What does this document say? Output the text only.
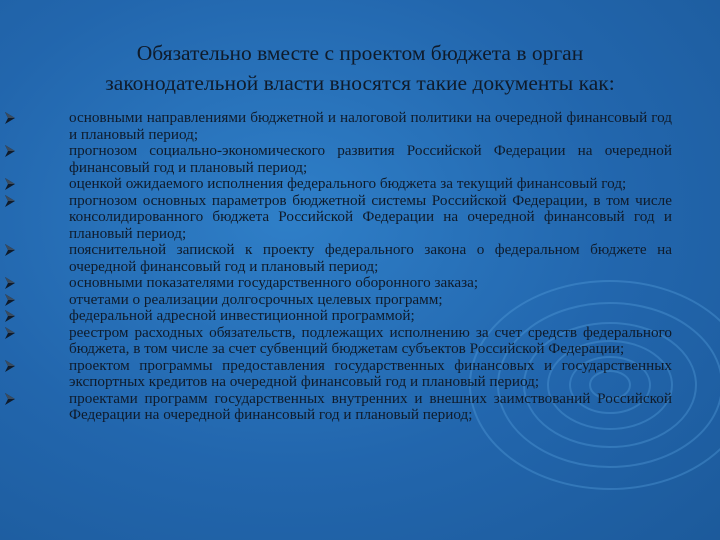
Обязательно вместе с проектом бюджета в орган
законодательной власти вносятся такие документы как:
основными направлениями бюджетной и налоговой политики на очередной финансовый год и плановый период;
прогнозом социально-экономического развития Российской Федерации на очередной финансовый год и плановый период;
оценкой ожидаемого исполнения федерального бюджета за текущий финансовый год;
прогнозом основных параметров бюджетной системы Российской Федерации, в том числе консолидированного бюджета Российской Федерации на очередной финансовый год и плановый период;
пояснительной запиской к проекту федерального закона о федеральном бюджете на очередной финансовый год и плановый период;
основными показателями государственного оборонного заказа;
отчетами о реализации долгосрочных целевых программ;
федеральной адресной инвестиционной программой;
реестром расходных обязательств, подлежащих исполнению за счет средств федерального бюджета, в том числе за счет субвенций бюджетам субъектов Российской Федерации;
проектом программы предоставления государственных финансовых и государственных экспортных кредитов на очередной финансовый год и плановый период;
проектами программ государственных внутренних и внешних заимствований Российской Федерации на очередной финансовый год и плановый период;
